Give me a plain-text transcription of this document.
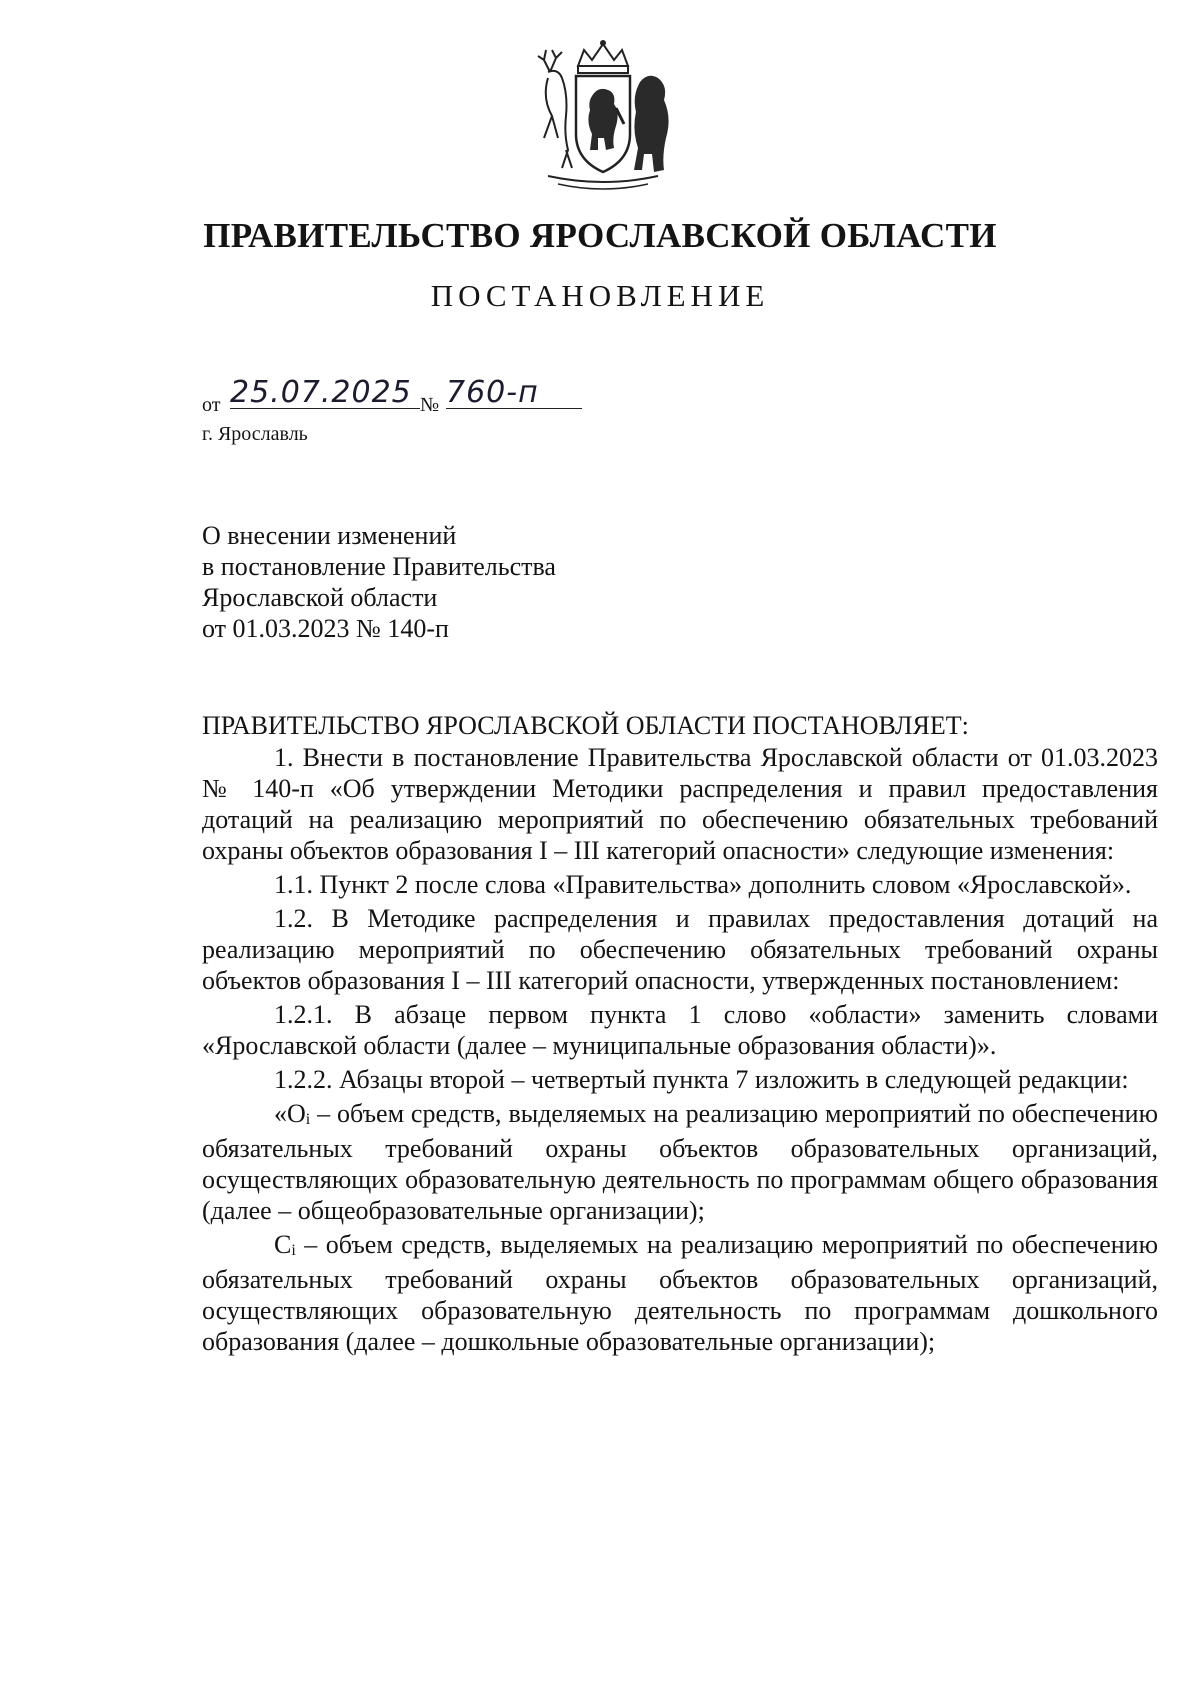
ПРАВИТЕЛЬСТВО ЯРОСЛАВСКОЙ ОБЛАСТИ
ПОСТАНОВЛЕНИЕ
от 25.07.2025 № 760-п
г. Ярославль
О внесении изменений
в постановление Правительства
Ярославской области
от 01.03.2023 № 140-п
ПРАВИТЕЛЬСТВО ЯРОСЛАВСКОЙ ОБЛАСТИ ПОСТАНОВЛЯЕТ:

1. Внести в постановление Правительства Ярославской области от 01.03.2023 № 140-п «Об утверждении Методики распределения и правил предоставления дотаций на реализацию мероприятий по обеспечению обязательных требований охраны объектов образования I – III категорий опасности» следующие изменения:

1.1. Пункт 2 после слова «Правительства» дополнить словом «Ярославской».

1.2. В Методике распределения и правилах предоставления дотаций на реализацию мероприятий по обеспечению обязательных требований охраны объектов образования I – III категорий опасности, утвержденных постановлением:

1.2.1. В абзаце первом пункта 1 слово «области» заменить словами «Ярославской области (далее – муниципальные образования области)».

1.2.2. Абзацы второй – четвертый пункта 7 изложить в следующей редакции:

«Оi – объем средств, выделяемых на реализацию мероприятий по обеспечению обязательных требований охраны объектов образовательных организаций, осуществляющих образовательную деятельность по программам общего образования (далее – общеобразовательные организации);

Сi – объем средств, выделяемых на реализацию мероприятий по обеспечению обязательных требований охраны объектов образовательных организаций, осуществляющих образовательную деятельность по программам дошкольного образования (далее – дошкольные образовательные организации);
